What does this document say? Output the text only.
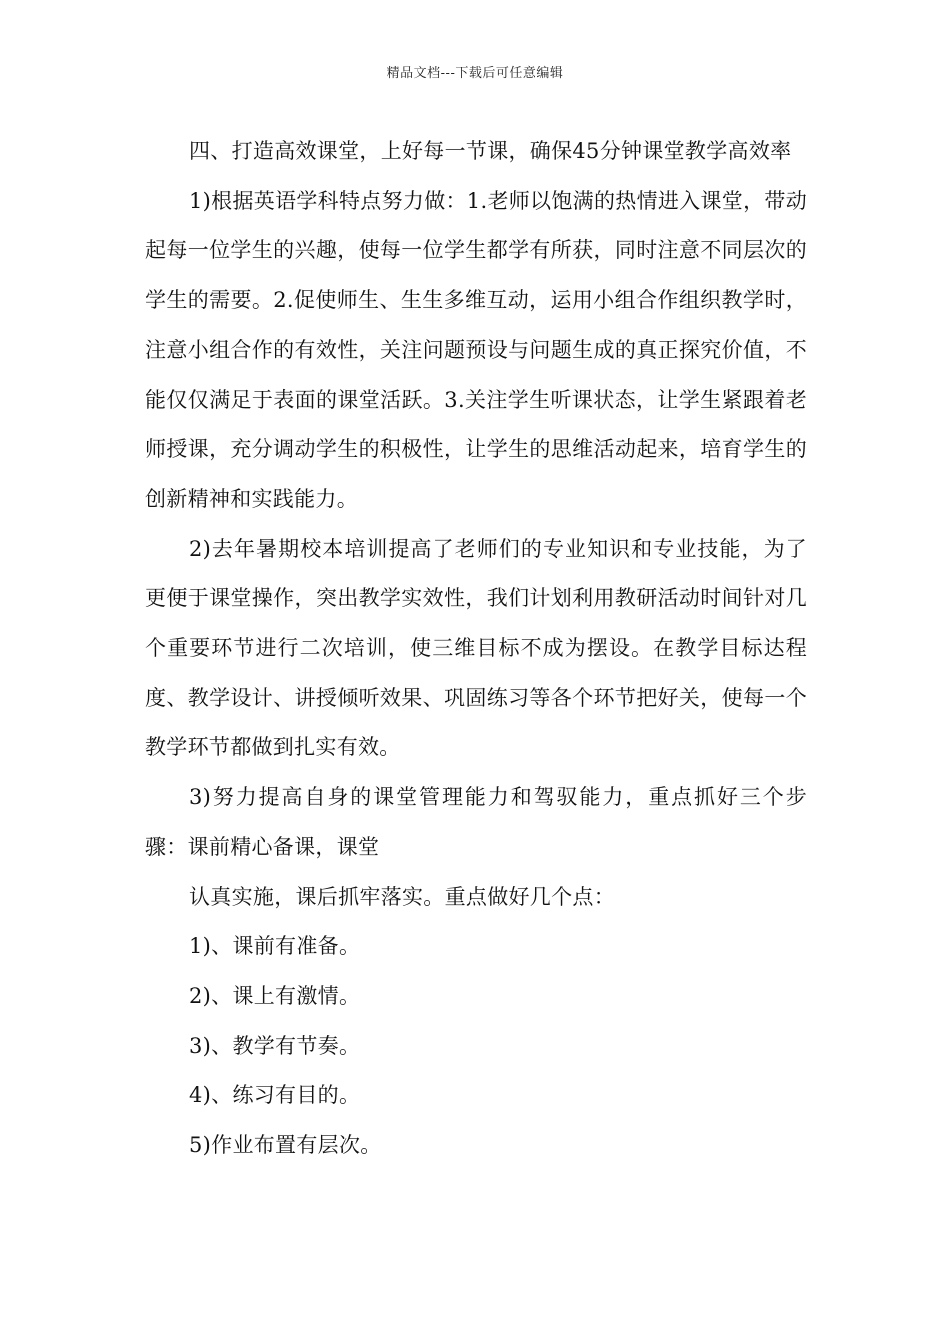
精品文档---下载后可任意编辑

四、打造高效课堂，上好每一节课，确保45分钟课堂教学高效率

1)根据英语学科特点努力做：1.老师以饱满的热情进入课堂，带动起每一位学生的兴趣，使每一位学生都学有所获，同时注意不同层次的学生的需要。2.促使师生、生生多维互动，运用小组合作组织教学时，注意小组合作的有效性，关注问题预设与问题生成的真正探究价值，不能仅仅满足于表面的课堂活跃。3.关注学生听课状态，让学生紧跟着老师授课，充分调动学生的积极性，让学生的思维活动起来，培育学生的创新精神和实践能力。

2)去年暑期校本培训提高了老师们的专业知识和专业技能，为了更便于课堂操作，突出教学实效性，我们计划利用教研活动时间针对几个重要环节进行二次培训，使三维目标不成为摆设。在教学目标达程度、教学设计、讲授倾听效果、巩固练习等各个环节把好关，使每一个教学环节都做到扎实有效。

3)努力提高自身的课堂管理能力和驾驭能力，重点抓好三个步骤：课前精心备课，课堂

认真实施，课后抓牢落实。重点做好几个点：

1)、课前有准备。

2)、课上有激情。

3)、教学有节奏。

4)、练习有目的。

5)作业布置有层次。
